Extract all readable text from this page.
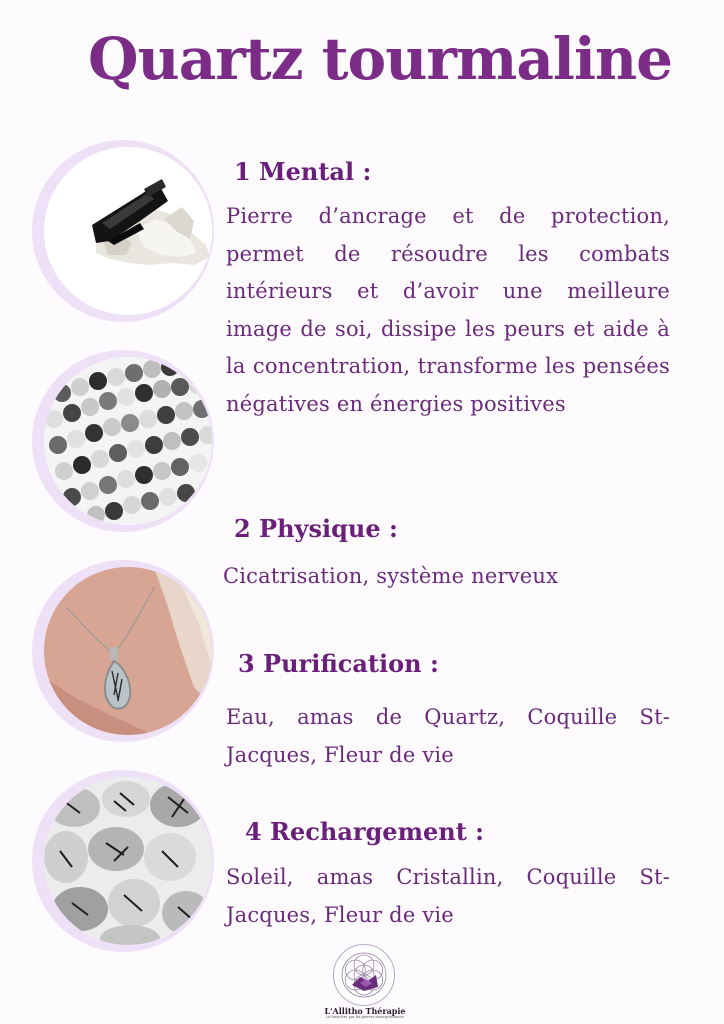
Quartz tourmaline
1 Mental :
Pierre d’ancrage et de protection, permet de résoudre les combats intérieurs et d’avoir une meilleure image de soi, dissipe les peurs et aide à la concentration, transforme les pensées négatives en énergies positives
2 Physique :
Cicatrisation, système nerveux
3 Purification :
Eau, amas de Quartz, Coquille St-Jacques, Fleur de vie
4 Rechargement :
Soleil, amas Cristallin, Coquille St-Jacques, Fleur de vie
L'Allitho Thérapie
Le bien-être par les pierres semi-précieuses
